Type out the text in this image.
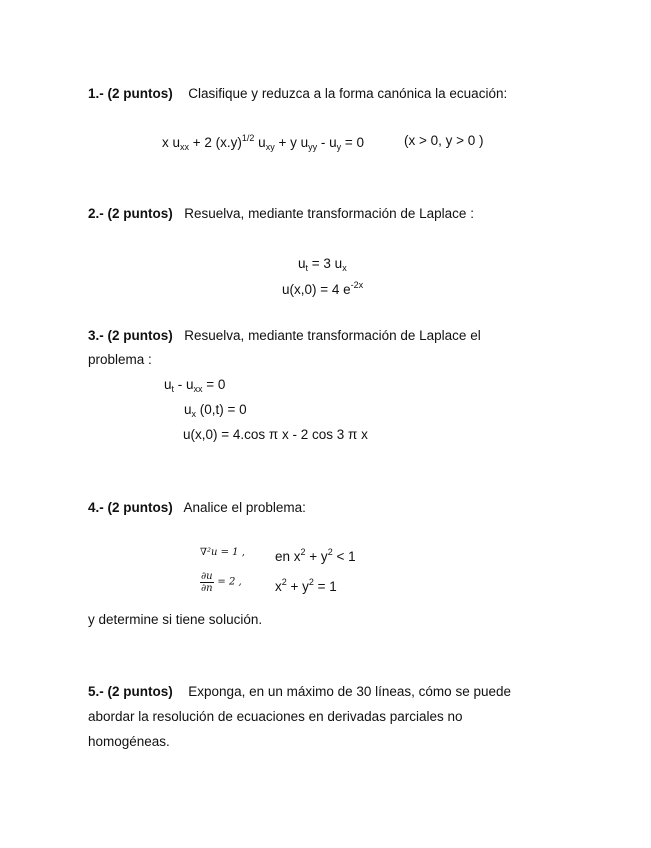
1.- (2 puntos) Clasifique y reduzca a la forma canónica la ecuación:
x $u_{xx} + 2$ $(x.y)^{1/2}$ $u_{xy} + y$ $u_{yy} - u_y = 0$	(x > 0, y > 0 )
2.- (2 puntos) Resuelva, mediante transformación de Laplace :
$u_t = 3$ $u_x$
u(x,0) = 4 $e^{-2x}$
3.- (2 puntos) Resuelva, mediante transformación de Laplace el
problema :
$u_t - u_{xx} = 0$
$u_x$ (0,t) = 0
u(x,0) = 4.cos π x - 2 cos 3 π x
4.- (2 puntos) Analice el problema:
∇²u = 1 , en $x^2 + y^2 < 1$
$\frac{\partial u}{\partial n} = 2$ , $x^2 + y^2 = 1$
y determine si tiene solución.
5.- (2 puntos) Exponga, en un máximo de 30 líneas, cómo se puede
abordar la resolución de ecuaciones en derivadas parciales no
homogéneas.
